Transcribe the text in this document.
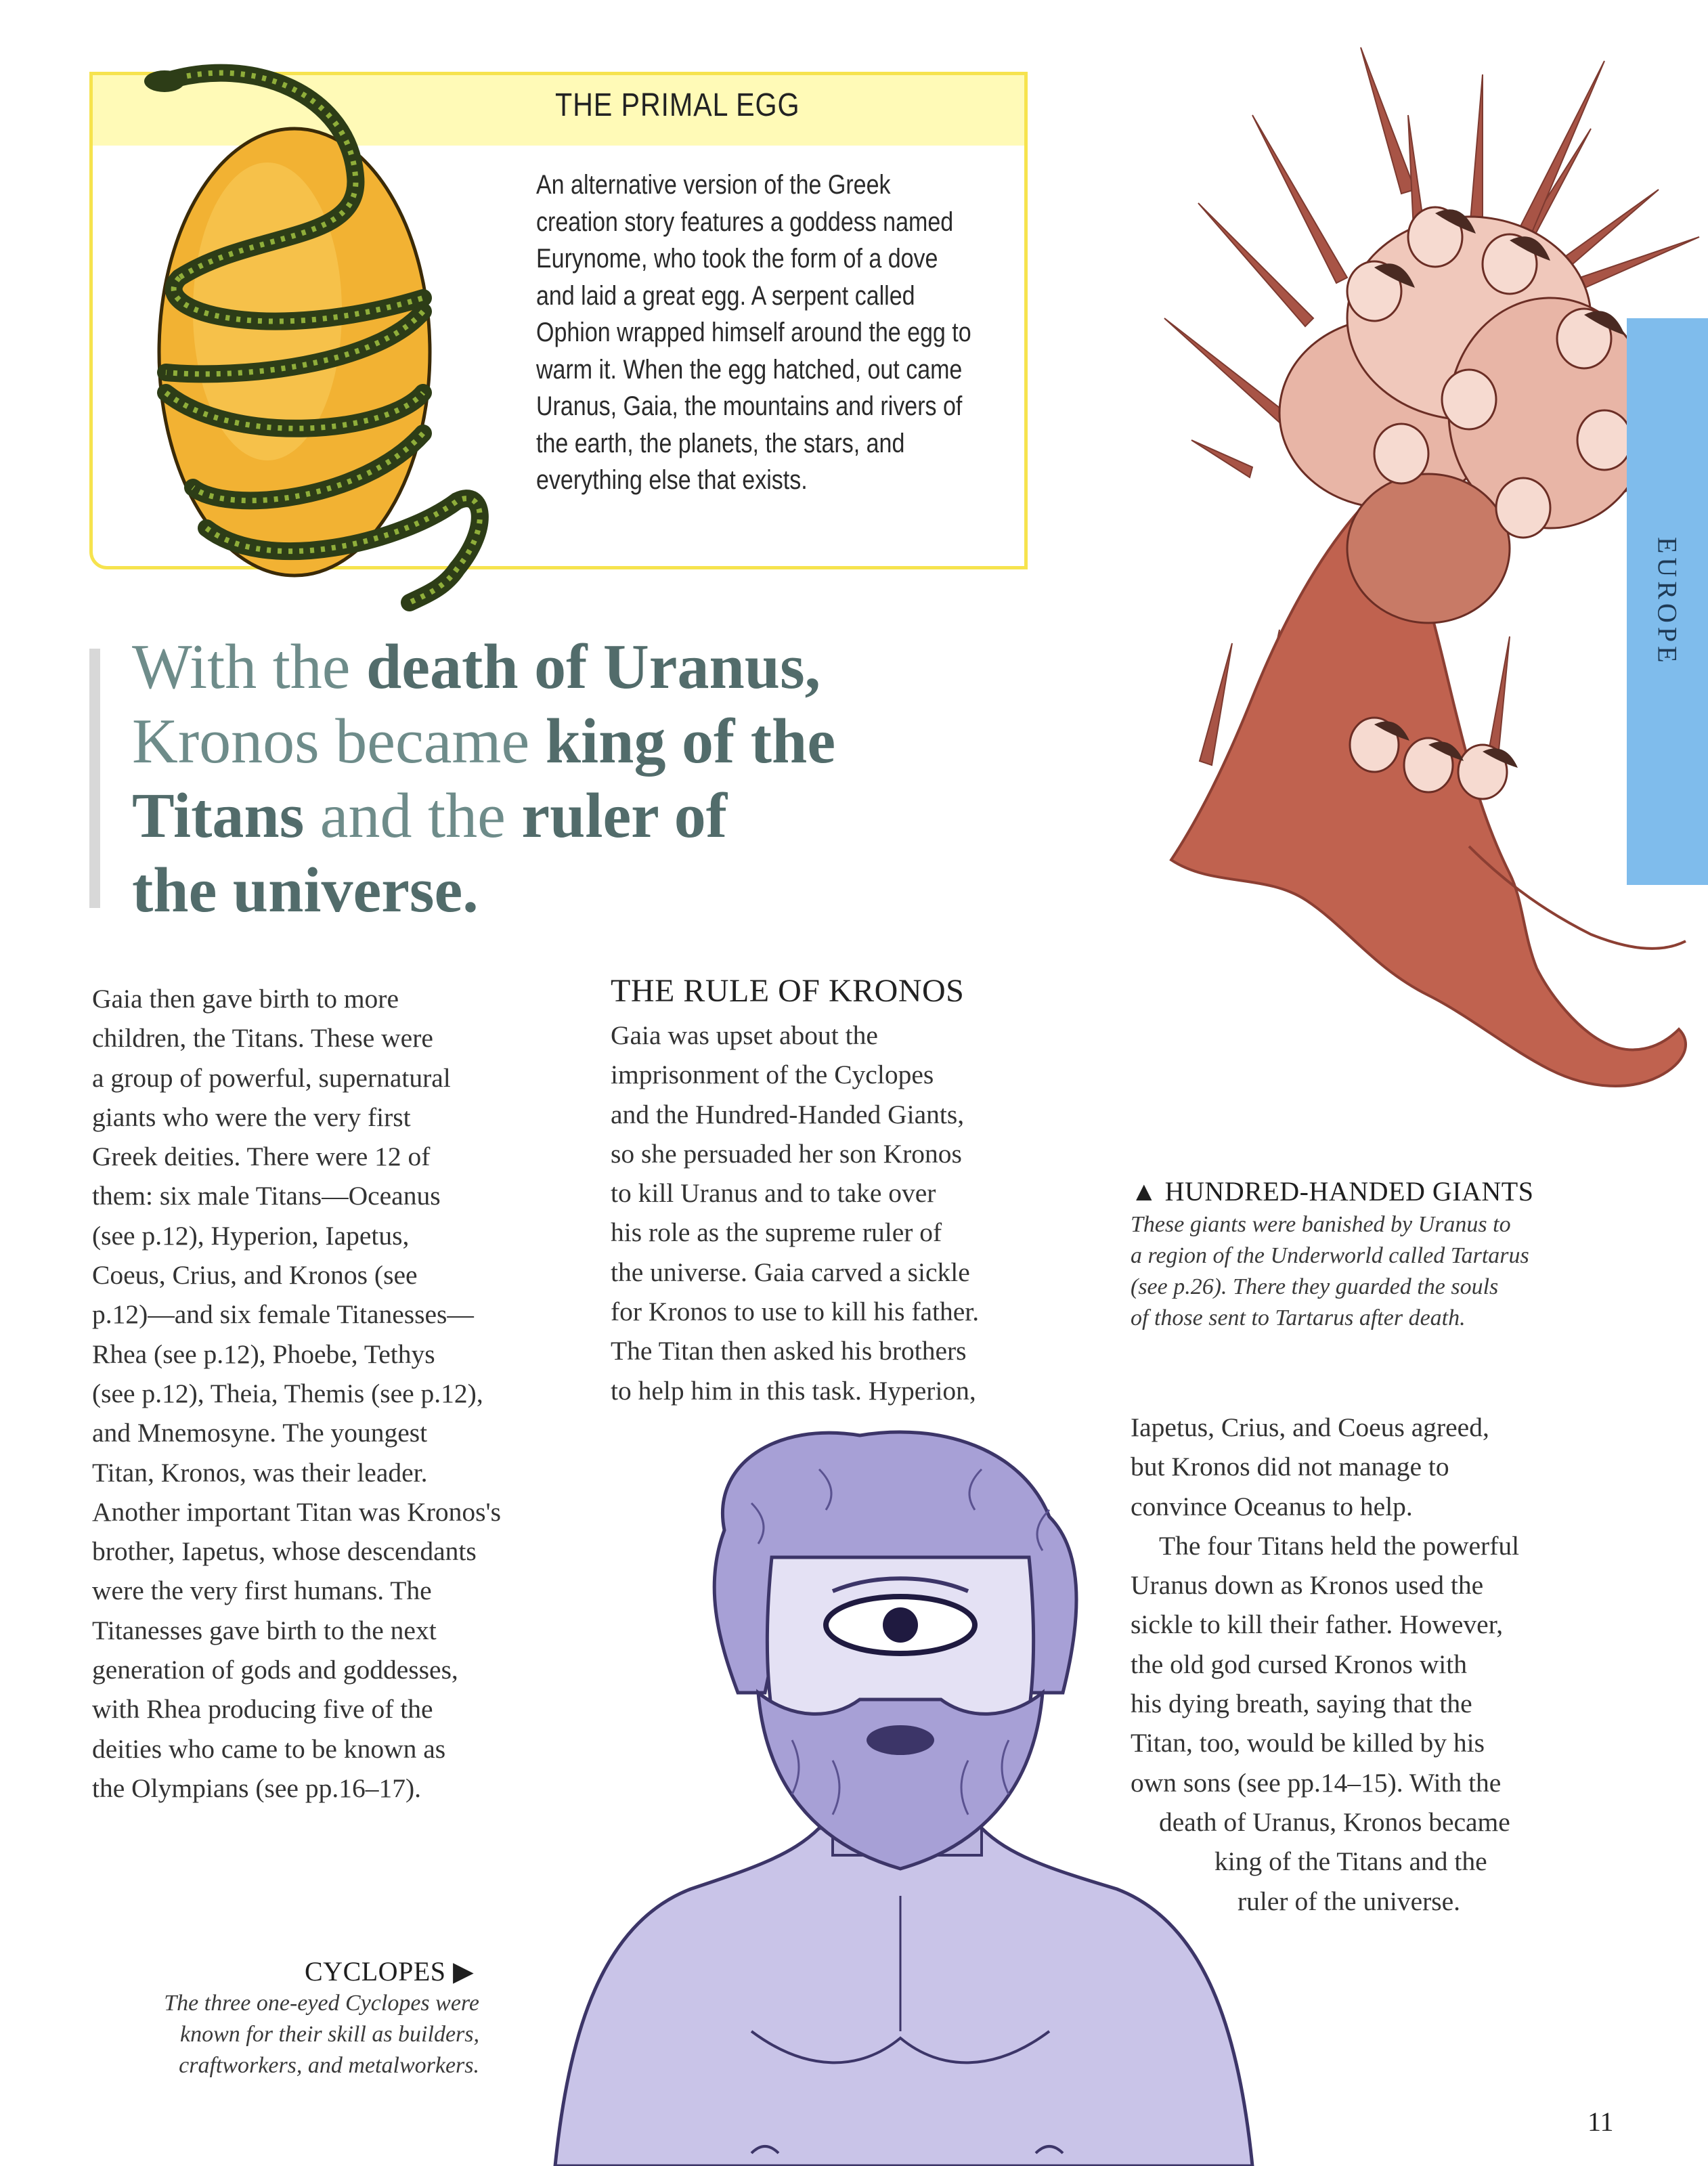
THE PRIMAL EGG
An alternative version of the Greek
creation story features a goddess named
Eurynome, who took the form of a dove
and laid a great egg. A serpent called
Ophion wrapped himself around the egg to
warm it. When the egg hatched, out came
Uranus, Gaia, the mountains and rivers of
the earth, the planets, the stars, and
everything else that exists.
With the death of Uranus,
Kronos became king of the
Titans and the ruler of
the universe.
EUROPE
▲ HUNDRED-HANDED GIANTS
These giants were banished by Uranus to
a region of the Underworld called Tartarus
(see p.26). There they guarded the souls
of those sent to Tartarus after death.
Gaia then gave birth to more
children, the Titans. These were
a group of powerful, supernatural
giants who were the very first
Greek deities. There were 12 of
them: six male Titans—Oceanus
(see p.12), Hyperion, Iapetus,
Coeus, Crius, and Kronos (see
p.12)—and six female Titanesses—
Rhea (see p.12), Phoebe, Tethys
(see p.12), Theia, Themis (see p.12),
and Mnemosyne. The youngest
Titan, Kronos, was their leader.
Another important Titan was Kronos's
brother, Iapetus, whose descendants
were the very first humans. The
Titanesses gave birth to the next
generation of gods and goddesses,
with Rhea producing five of the
deities who came to be known as
the Olympians (see pp.16–17).
THE RULE OF KRONOS
Gaia was upset about the
imprisonment of the Cyclopes
and the Hundred-Handed Giants,
so she persuaded her son Kronos
to kill Uranus and to take over
his role as the supreme ruler of
the universe. Gaia carved a sickle
for Kronos to use to kill his father.
The Titan then asked his brothers
to help him in this task. Hyperion,
Iapetus, Crius, and Coeus agreed,
but Kronos did not manage to
convince Oceanus to help.
The four Titans held the powerful
Uranus down as Kronos used the
sickle to kill their father. However,
the old god cursed Kronos with
his dying breath, saying that the
Titan, too, would be killed by his
own sons (see pp.14–15). With the
death of Uranus, Kronos became
king of the Titans and the
ruler of the universe.
CYCLOPES ▶
The three one-eyed Cyclopes were
known for their skill as builders,
craftworkers, and metalworkers.
11
